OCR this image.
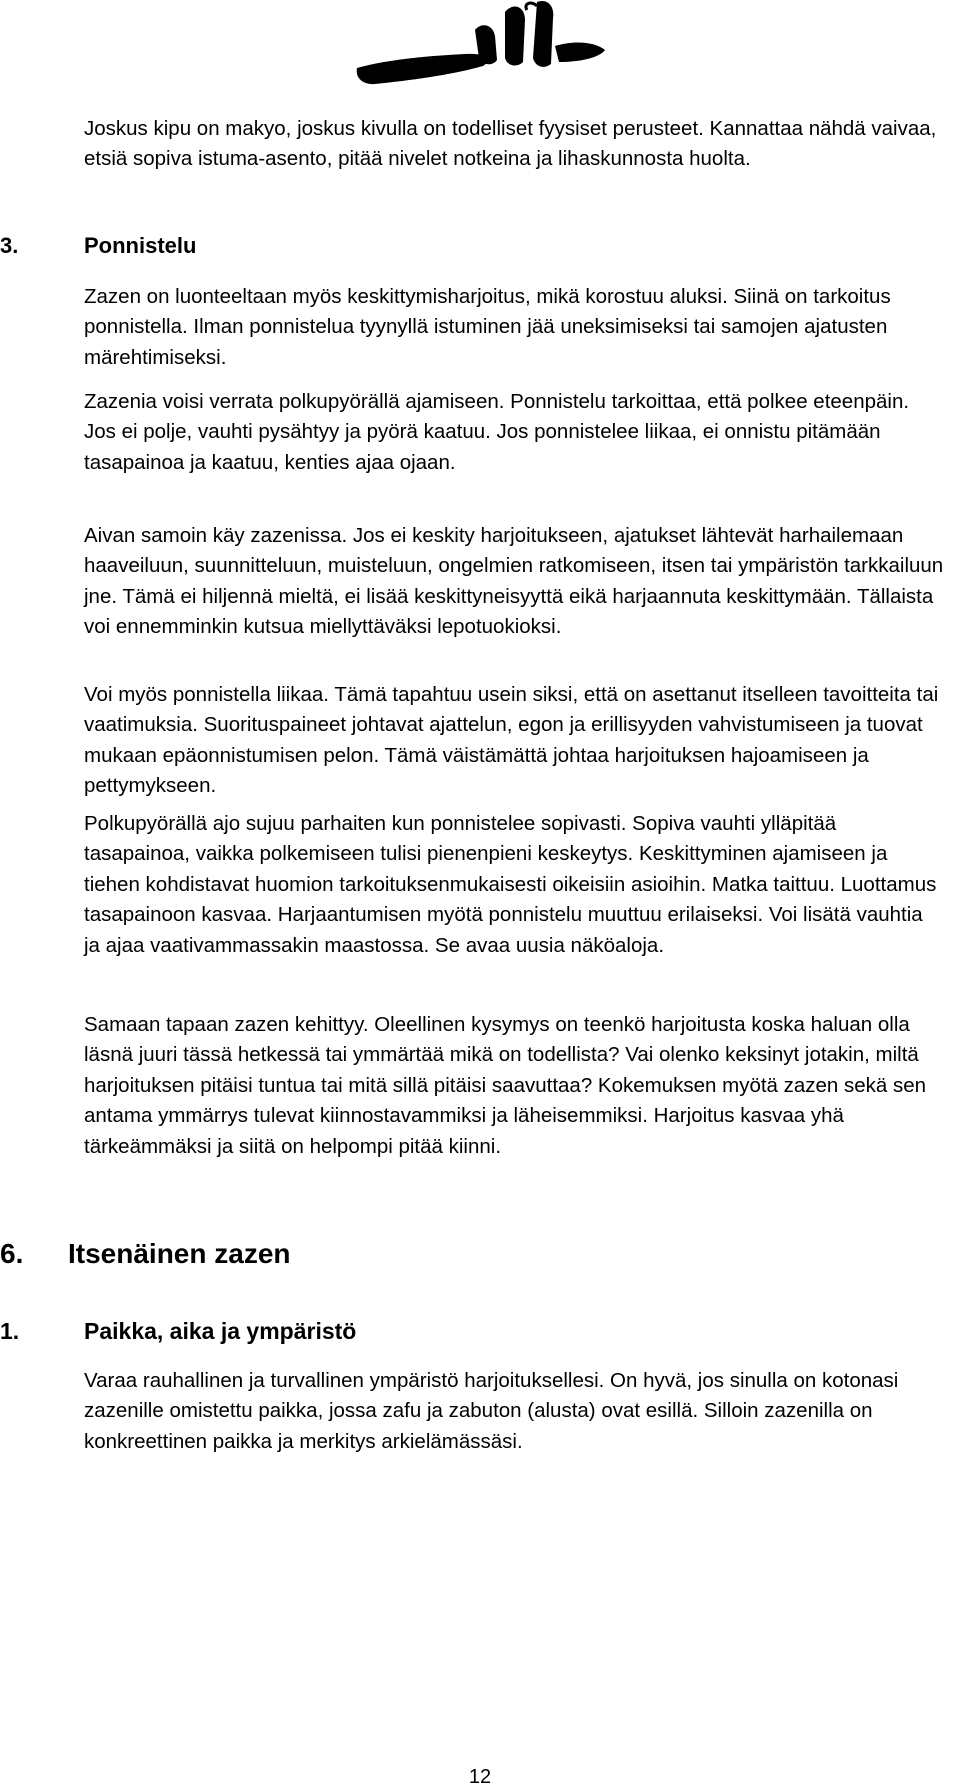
Joskus kipu on makyo, joskus kivulla on todelliset fyysiset perusteet. Kannattaa nähdä vaivaa, etsiä sopiva istuma-asento, pitää nivelet notkeina ja lihaskunnosta huolta.

3.	Ponnistelu

Zazen on luonteeltaan myös keskittymisharjoitus, mikä korostuu aluksi. Siinä on tarkoitus ponnistella. Ilman ponnistelua tyynyllä istuminen jää uneksimiseksi tai samojen ajatusten märehtimiseksi.

Zazenia voisi verrata polkupyörällä ajamiseen. Ponnistelu tarkoittaa, että polkee eteenpäin. Jos ei polje, vauhti pysähtyy ja pyörä kaatuu. Jos ponnistelee liikaa, ei onnistu pitämään tasapainoa ja kaatuu, kenties ajaa ojaan.

Aivan samoin käy zazenissa. Jos ei keskity harjoitukseen, ajatukset lähtevät harhailemaan haaveiluun, suunnitteluun, muisteluun, ongelmien ratkomiseen, itsen tai ympäristön tarkkailuun jne. Tämä ei hiljennä mieltä, ei lisää keskittyneisyyttä eikä harjaannuta keskittymään. Tällaista voi ennemminkin kutsua miellyttäväksi lepotuokioksi.

Voi myös ponnistella liikaa. Tämä tapahtuu usein siksi, että on asettanut itselleen tavoitteita tai vaatimuksia. Suorituspaineet johtavat ajattelun, egon ja erillisyyden vahvistumiseen ja tuovat mukaan epäonnistumisen pelon. Tämä väistämättä johtaa harjoituksen hajoamiseen ja pettymykseen.

Polkupyörällä ajo sujuu parhaiten kun ponnistelee sopivasti. Sopiva vauhti ylläpitää tasapainoa, vaikka polkemiseen tulisi pienenpieni keskeytys. Keskittyminen ajamiseen ja tiehen kohdistavat huomion tarkoituksenmukaisesti oikeisiin asioihin. Matka taittuu. Luottamus tasapainoon kasvaa. Harjaantumisen myötä ponnistelu muuttuu erilaiseksi. Voi lisätä vauhtia ja ajaa vaativammassakin maastossa. Se avaa uusia näköaloja.

Samaan tapaan zazen kehittyy. Oleellinen kysymys on teenkö harjoitusta koska haluan olla läsnä juuri tässä hetkessä tai ymmärtää mikä on todellista? Vai olenko keksinyt jotakin, miltä harjoituksen pitäisi tuntua tai mitä sillä pitäisi saavuttaa? Kokemuksen myötä zazen sekä sen antama ymmärrys tulevat kiinnostavammiksi ja läheisemmiksi. Harjoitus kasvaa yhä tärkeämmäksi ja siitä on helpompi pitää kiinni.

6. Itsenäinen zazen
1.	Paikka, aika ja ympäristö

Varaa rauhallinen ja turvallinen ympäristö harjoituksellesi. On hyvä, jos sinulla on kotonasi zazenille omistettu paikka, jossa zafu ja zabuton (alusta) ovat esillä. Silloin zazenilla on konkreettinen paikka ja merkitys arkielämässäsi.

12
